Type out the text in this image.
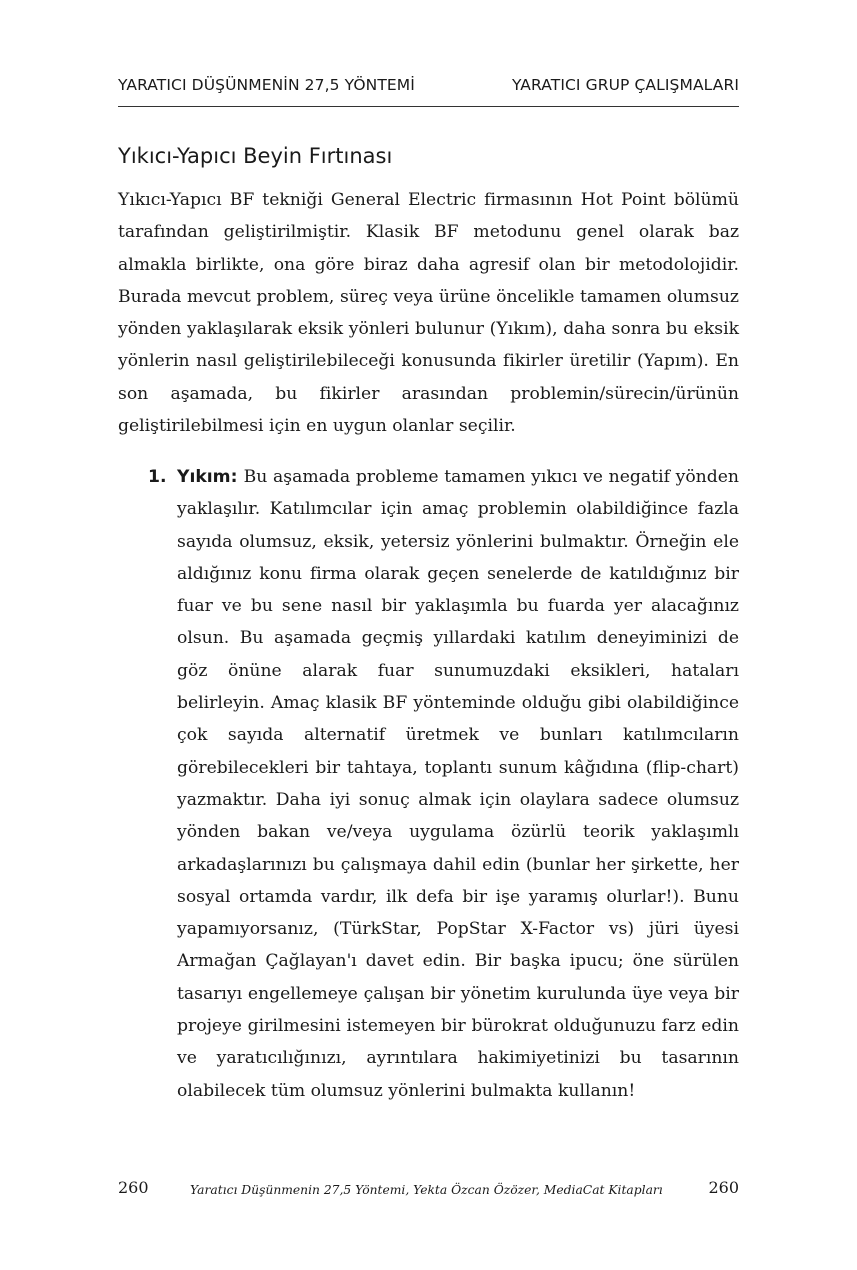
YARATICI DÜŞÜNMENİN 27,5 YÖNTEMİ	YARATICI GRUP ÇALIŞMALARI
Yıkıcı-Yapıcı Beyin Fırtınası

Yıkıcı-Yapıcı BF tekniği General Electric firmasının Hot Point bölümü tarafından geliştirilmiştir. Klasik BF metodunu genel olarak baz almakla birlikte, ona göre biraz daha agresif olan bir metodolojidir. Burada mevcut problem, süreç veya ürüne öncelikle tamamen olumsuz yönden yaklaşılarak eksik yönleri bulunur (Yıkım), daha sonra bu eksik yönlerin nasıl geliştirilebileceği konusunda fikirler üretilir (Yapım). En son aşamada, bu fikirler arasından problemin/sürecin/ürünün geliştirilebilmesi için en uygun olanlar seçilir.

1. Yıkım: Bu aşamada probleme tamamen yıkıcı ve negatif yönden yaklaşılır. Katılımcılar için amaç problemin olabildiğince fazla sayıda olumsuz, eksik, yetersiz yönlerini bulmaktır. Örneğin ele aldığınız konu firma olarak geçen senelerde de katıldığınız bir fuar ve bu sene nasıl bir yaklaşımla bu fuarda yer alacağınız olsun. Bu aşamada geçmiş yıllardaki katılım deneyiminizi de göz önüne alarak fuar sunumuzdaki eksikleri, hataları belirleyin. Amaç klasik BF yönteminde olduğu gibi olabildiğince çok sayıda alternatif üretmek ve bunları katılımcıların görebilecekleri bir tahtaya, toplantı sunum kâğıdına (flip-chart) yazmaktır. Daha iyi sonuç almak için olaylara sadece olumsuz yönden bakan ve/veya uygulama özürlü teorik yaklaşımlı arkadaşlarınızı bu çalışmaya dahil edin (bunlar her şirkette, her sosyal ortamda vardır, ilk defa bir işe yaramış olurlar!). Bunu yapamıyorsanız, (TürkStar, PopStar X-Factor vs) jüri üyesi Armağan Çağlayan'ı davet edin. Bir başka ipucu; öne sürülen tasarıyı engellemeye çalışan bir yönetim kurulunda üye veya bir projeye girilmesini istemeyen bir bürokrat olduğunuzu farz edin ve yaratıcılığınızı, ayrıntılara hakimiyetinizi bu tasarının olabilecek tüm olumsuz yönlerini bulmakta kullanın!
260	Yaratıcı Düşünmenin 27,5 Yöntemi, Yekta Özcan Özözer, MediaCat Kitapları	260
